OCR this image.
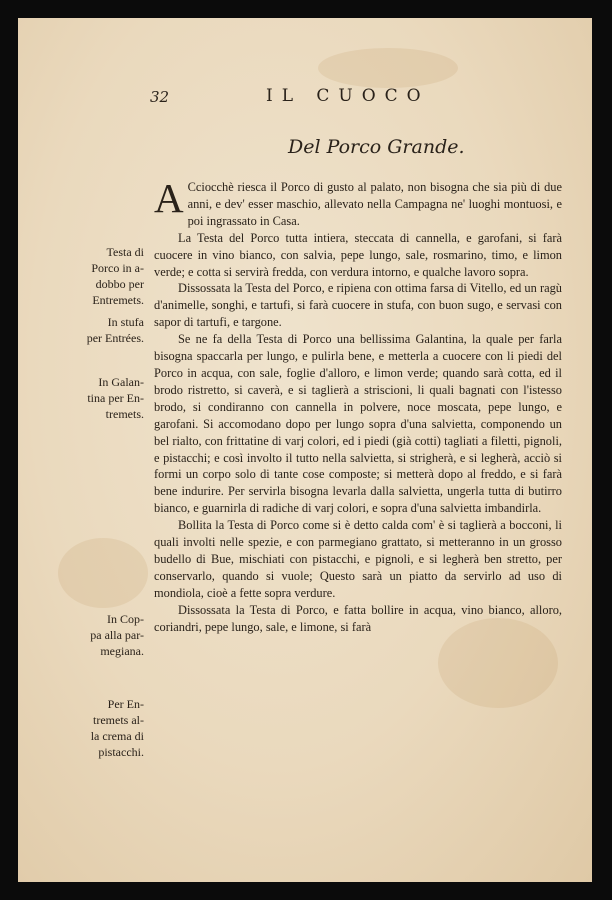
32	IL CUOCO
Del Porco Grande.

A Cciocchè riesca il Porco di gusto al palato, non bisogna che sia più di due anni, e dev' esser maschio, allevato nella Campagna ne' luoghi montuosi, e poi ingrassato in Casa.

La Testa del Porco tutta intiera, steccata di cannella, e garofani, si farà cuocere in vino bianco, con salvia, pepe lungo, sale, rosmarino, timo, e limon verde; e cotta si servirà fredda, con verdura intorno, e qualche lavoro sopra.

Dissossata la Testa del Porco, e ripiena con ottima farsa di Vitello, ed un ragù d'animelle, songhi, e tartufi, si farà cuocere in stufa, con buon sugo, e servasi con sapor di tartufi, e targone.

Se ne fa della Testa di Porco una bellissima Galantina, la quale per farla bisogna spaccarla per lungo, e pulirla bene, e metterla a cuocere con li piedi del Porco in acqua, con sale, foglie d'alloro, e limon verde; quando sarà cotta, ed il brodo ristretto, si caverà, e si taglierà a striscioni, li quali bagnati con l'istesso brodo, si condiranno con cannella in polvere, noce moscata, pepe lungo, e garofani. Si accomodano dopo per lungo sopra d'una salvietta, componendo un bel rialto, con frittatine di varj colori, ed i piedi (già cotti) tagliati a filetti, pignoli, e pistacchi; e così involto il tutto nella salvietta, si strigherà, e si legherà, acciò si formi un corpo solo di tante cose composte; si metterà dopo al freddo, e si farà bene indurire. Per servirla bisogna levarla dalla salvietta, ungerla tutta di butirro bianco, e guarnirla di radiche di varj colori, e sopra d'una salvietta imbandirla.

Bollita la Testa di Porco come si è detto calda com' è si taglierà a bocconi, li quali involti nelle spezie, e con parmegiano grattato, si metteranno in un grosso budello di Bue, mischiati con pistacchi, e pignoli, e si legherà ben stretto, per conservarlo, quando si vuole; Questo sarà un piatto da servirlo ad uso di mondiola, cioè a fette sopra verdure.

Dissossata la Testa di Porco, e fatta bollire in acqua, vino bianco, alloro, coriandri, pepe lungo, sale, e limone, si farà

Testa di
Porco in a-
dobbo per
Entremets.
In stufa
per Entrées.
In Galan-
tina per En-
tremets.
In Cop-
pa alla par-
megiana.
Per En-
tremets al-
la crema di
pistacchi.
